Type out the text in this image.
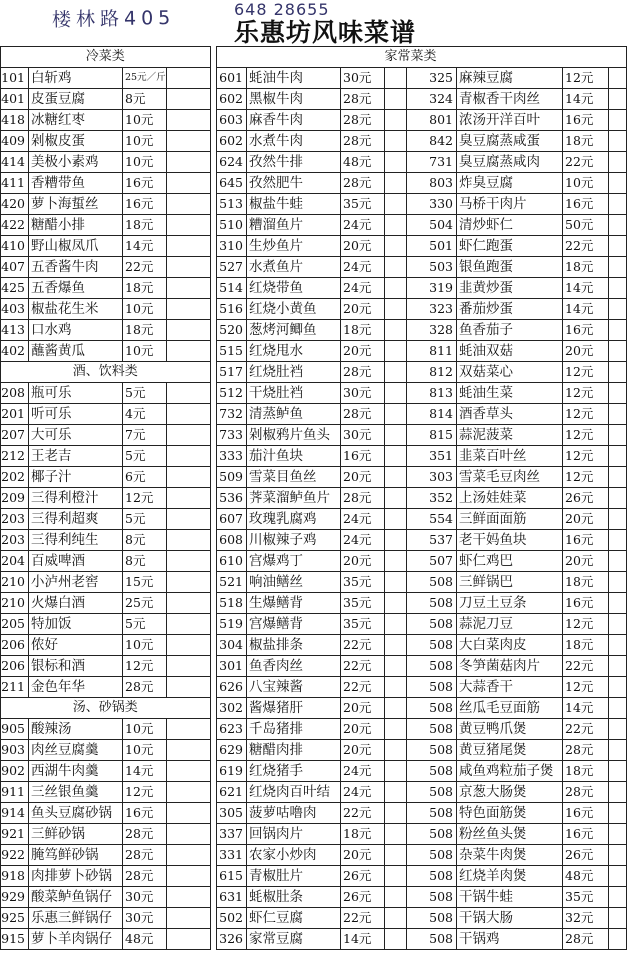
楼林路405	648 28655
乐惠坊风味菜谱
冷菜类			
101	白斩鸡	25元／斤	
401	皮蛋豆腐	8元	
418	冰糖红枣	10元	
409	剁椒皮蛋	10元	
414	美极小素鸡	10元	
411	香糟带鱼	16元	
420	萝卜海蜇丝	16元	
422	糖醋小排	18元	
410	野山椒凤爪	14元	
407	五香酱牛肉	22元	
425	五香爆鱼	18元	
403	椒盐花生米	10元	
413	口水鸡	18元	
402	蘸酱黄瓜	10元	
酒、饮料类			
208	瓶可乐	5元	
201	听可乐	4元	
207	大可乐	7元	
212	王老吉	5元	
202	椰子汁	6元	
209	三得利橙汁	12元	
203	三得利超爽	5元	
203	三得利纯生	8元	
204	百威啤酒	8元	
210	小泸州老窖	15元	
210	火爆白酒	25元	
205	特加饭	5元	
206	侬好	10元	
206	银标和酒	12元	
211	金色年华	28元	
汤、砂锅类			
905	酸辣汤	10元	
903	肉丝豆腐羹	10元	
902	西湖牛肉羹	14元	
911	三丝银鱼羹	12元	
914	鱼头豆腐砂锅	16元	
921	三鲜砂锅	28元	
922	腌笃鲜砂锅	28元	
918	肉排萝卜砂锅	28元	
929	酸菜鲈鱼锅仔	30元	
925	乐惠三鲜锅仔	30元	
915	萝卜羊肉锅仔	48元	
家常菜类			
601	蚝油牛肉	30元	
602	黑椒牛肉	28元	
603	麻香牛肉	28元	
602	水煮牛肉	28元	
624	孜然牛排	48元	
645	孜然肥牛	28元	
513	椒盐牛蛙	35元	
510	糟溜鱼片	24元	
310	生炒鱼片	20元	
527	水煮鱼片	24元	
514	红烧带鱼	24元	
516	红烧小黄鱼	20元	
520	葱烤河鲫鱼	18元	
515	红烧甩水	20元	
517	红烧肚裆	28元	
512	干烧肚裆	30元	
732	清蒸鲈鱼	28元	
733	剁椒鸦片鱼头	30元	
333	茄汁鱼块	16元	
509	雪菜目鱼丝	20元	
536	荠菜溜鲈鱼片	28元	
607	玫瑰乳腐鸡	24元	
608	川椒辣子鸡	24元	
610	宫爆鸡丁	20元	
521	响油鳝丝	35元	
518	生爆鳝背	35元	
519	宫爆鳝背	35元	
304	椒盐排条	22元	
301	鱼香肉丝	22元	
626	八宝辣酱	22元	
302	酱爆猪肝	20元	
623	千岛猪排	20元	
629	糖醋肉排	20元	
619	红烧猪手	24元	
621	红烧肉百叶结	24元	
305	菠萝咕噜肉	22元	
337	回锅肉片	18元	
331	农家小炒肉	20元	
615	青椒肚片	26元	
631	蚝椒肚条	26元	
502	虾仁豆腐	22元	
326	家常豆腐	14元	

325	麻辣豆腐	12元	
324	青椒香干肉丝	14元	
801	浓汤开洋百叶	16元	
842	臭豆腐蒸咸蛋	18元	
731	臭豆腐蒸咸肉	22元	
803	炸臭豆腐	10元	
330	马桥干肉片	16元	
504	清炒虾仁	50元	
501	虾仁跑蛋	22元	
503	银鱼跑蛋	18元	
319	韭黄炒蛋	14元	
323	番茄炒蛋	14元	
328	鱼香茄子	16元	
811	蚝油双菇	20元	
812	双菇菜心	12元	
813	蚝油生菜	12元	
814	酒香草头	12元	
815	蒜泥菠菜	12元	
351	韭菜百叶丝	12元	
303	雪菜毛豆肉丝	12元	
352	上汤娃娃菜	26元	
554	三鲜面面筋	20元	
537	老干妈鱼块	16元	
507	虾仁鸡巴	20元	
508	三鲜锅巴	18元	
508	刀豆土豆条	16元	
508	蒜泥刀豆	12元	
508	大白菜肉皮	18元	
508	冬笋菌菇肉片	22元	
508	大蒜香干	12元	
508	丝瓜毛豆面筋	14元	
508	黄豆鸭爪煲	22元	
508	黄豆猪尾煲	28元	
508	咸鱼鸡粒茄子煲	18元	
508	京葱大肠煲	28元	
508	特色面筋煲	16元	
508	粉丝鱼头煲	16元	
508	杂菜牛肉煲	26元	
508	红烧羊肉煲	48元	
508	干锅牛蛙	35元	
508	干锅大肠	32元	
508	干锅鸡	28元	
